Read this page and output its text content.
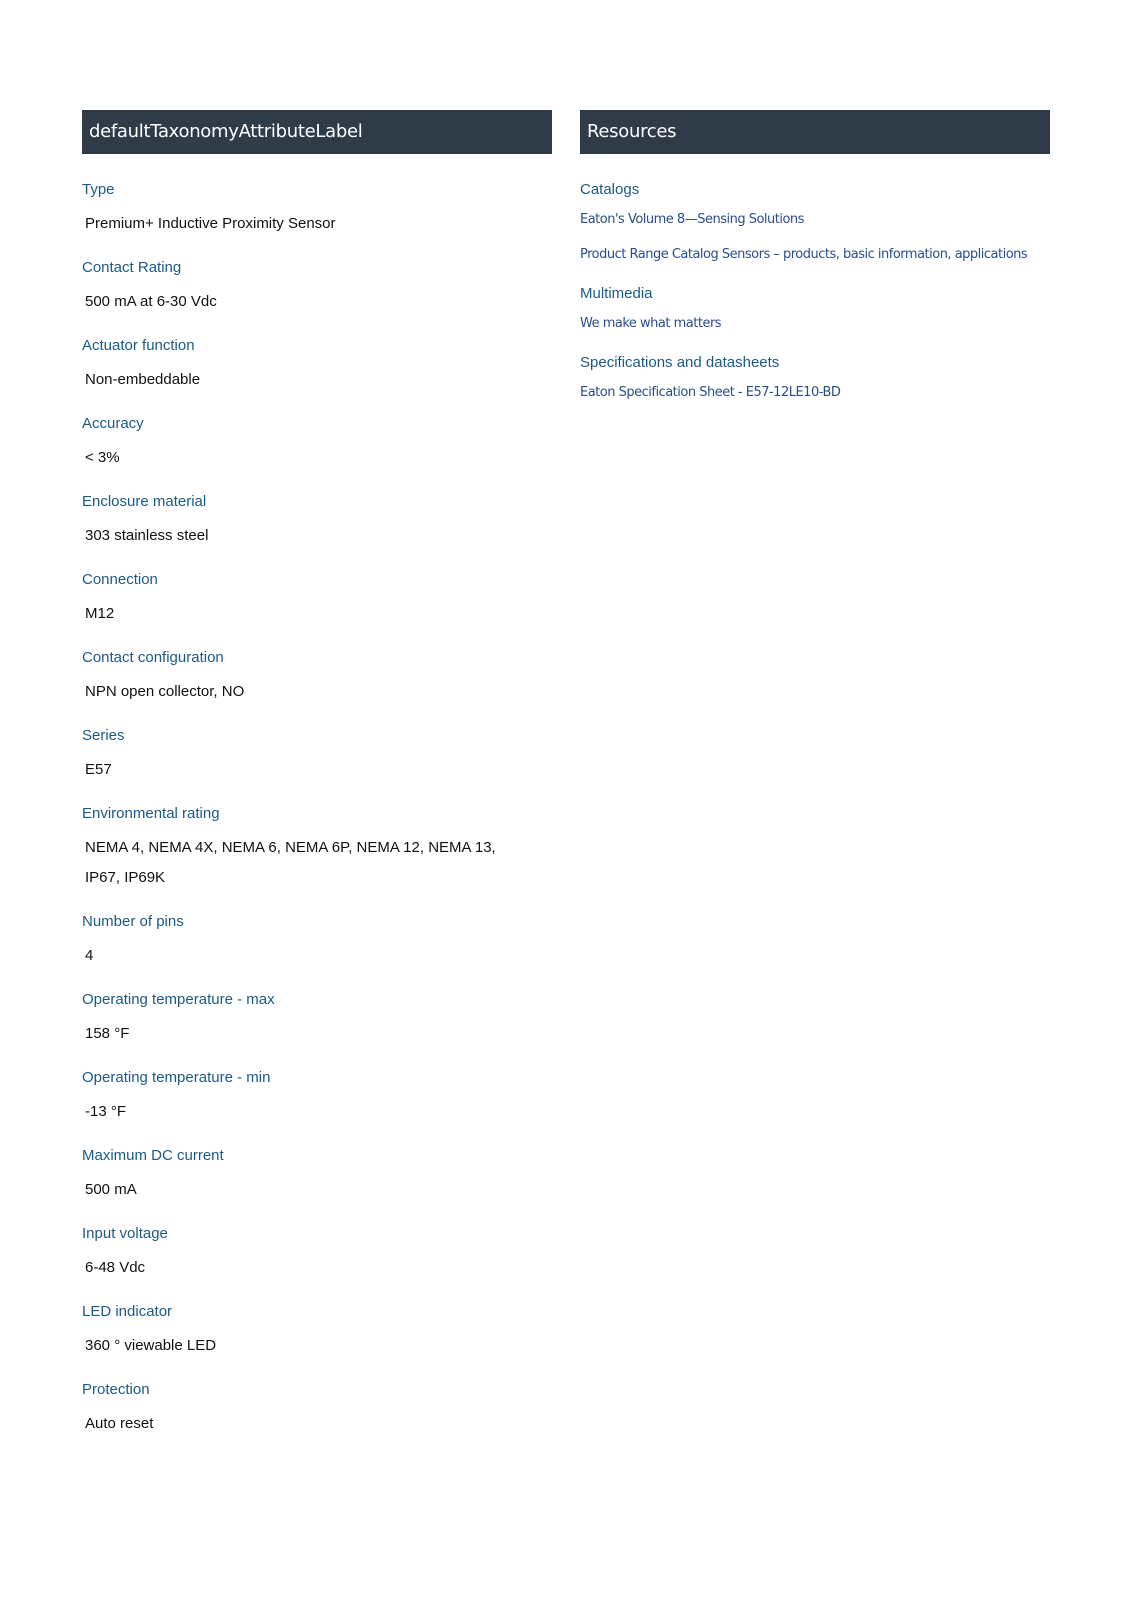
defaultTaxonomyAttributeLabel
Type
Premium+ Inductive Proximity Sensor
Contact Rating
500 mA at 6-30 Vdc
Actuator function
Non-embeddable
Accuracy
< 3%
Enclosure material
303 stainless steel
Connection
M12
Contact configuration
NPN open collector, NO
Series
E57
Environmental rating
NEMA 4, NEMA 4X, NEMA 6, NEMA 6P, NEMA 12, NEMA 13, IP67, IP69K
Number of pins
4
Operating temperature - max
158 °F
Operating temperature - min
-13 °F
Maximum DC current
500 mA
Input voltage
6-48 Vdc
LED indicator
360 ° viewable LED
Protection
Auto reset
Resources
Catalogs
Eaton's Volume 8—Sensing Solutions
Product Range Catalog Sensors – products, basic information, applications
Multimedia
We make what matters
Specifications and datasheets
Eaton Specification Sheet - E57-12LE10-BD
